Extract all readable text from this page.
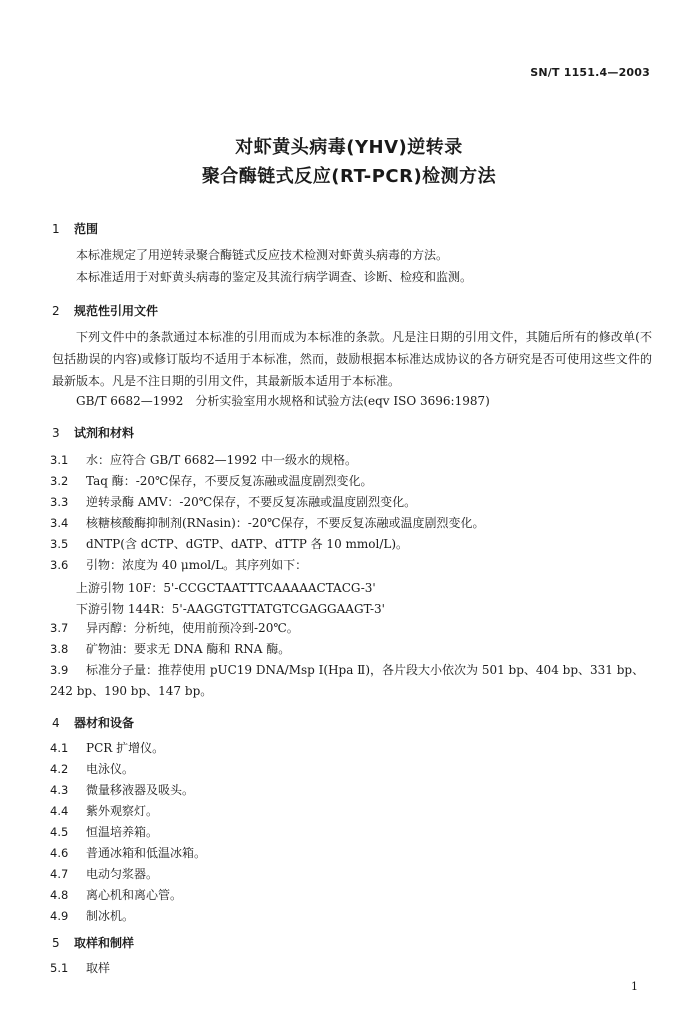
SN/T 1151.4—2003
对虾黄头病毒(YHV)逆转录
聚合酶链式反应(RT-PCR)检测方法
1 范围
本标准规定了用逆转录聚合酶链式反应技术检测对虾黄头病毒的方法。
本标准适用于对虾黄头病毒的鉴定及其流行病学调查、诊断、检疫和监测。
2 规范性引用文件
下列文件中的条款通过本标准的引用而成为本标准的条款。凡是注日期的引用文件，其随后所有的修改单(不包括勘误的内容)或修订版均不适用于本标准，然而，鼓励根据本标准达成协议的各方研究是否可使用这些文件的最新版本。凡是不注日期的引用文件，其最新版本适用于本标准。
GB/T 6682—1992　分析实验室用水规格和试验方法(eqv ISO 3696:1987)
3 试剂和材料
3.1 水：应符合 GB/T 6682—1992 中一级水的规格。
3.2 Taq 酶：-20℃保存，不要反复冻融或温度剧烈变化。
3.3 逆转录酶 AMV：-20℃保存，不要反复冻融或温度剧烈变化。
3.4 核糖核酸酶抑制剂(RNasin)：-20℃保存，不要反复冻融或温度剧烈变化。
3.5 dNTP(含 dCTP、dGTP、dATP、dTTP 各 10 mmol/L)。
3.6 引物：浓度为 40 μmol/L。其序列如下：
上游引物 10F：5'-CCGCTAATTTCAAAAACTACG-3'
下游引物 144R：5'-AAGGTGTTATGTCGAGGAAGT-3'
3.7 异丙醇：分析纯，使用前预冷到-20℃。
3.8 矿物油：要求无 DNA 酶和 RNA 酶。
3.9 标准分子量：推荐使用 pUC19 DNA/Msp Ⅰ(Hpa Ⅱ)，各片段大小依次为 501 bp、404 bp、331 bp、242 bp、190 bp、147 bp。
4 器材和设备
4.1 PCR 扩增仪。
4.2 电泳仪。
4.3 微量移液器及吸头。
4.4 紫外观察灯。
4.5 恒温培养箱。
4.6 普通冰箱和低温冰箱。
4.7 电动匀浆器。
4.8 离心机和离心管。
4.9 制冰机。
5 取样和制样
5.1 取样
1
